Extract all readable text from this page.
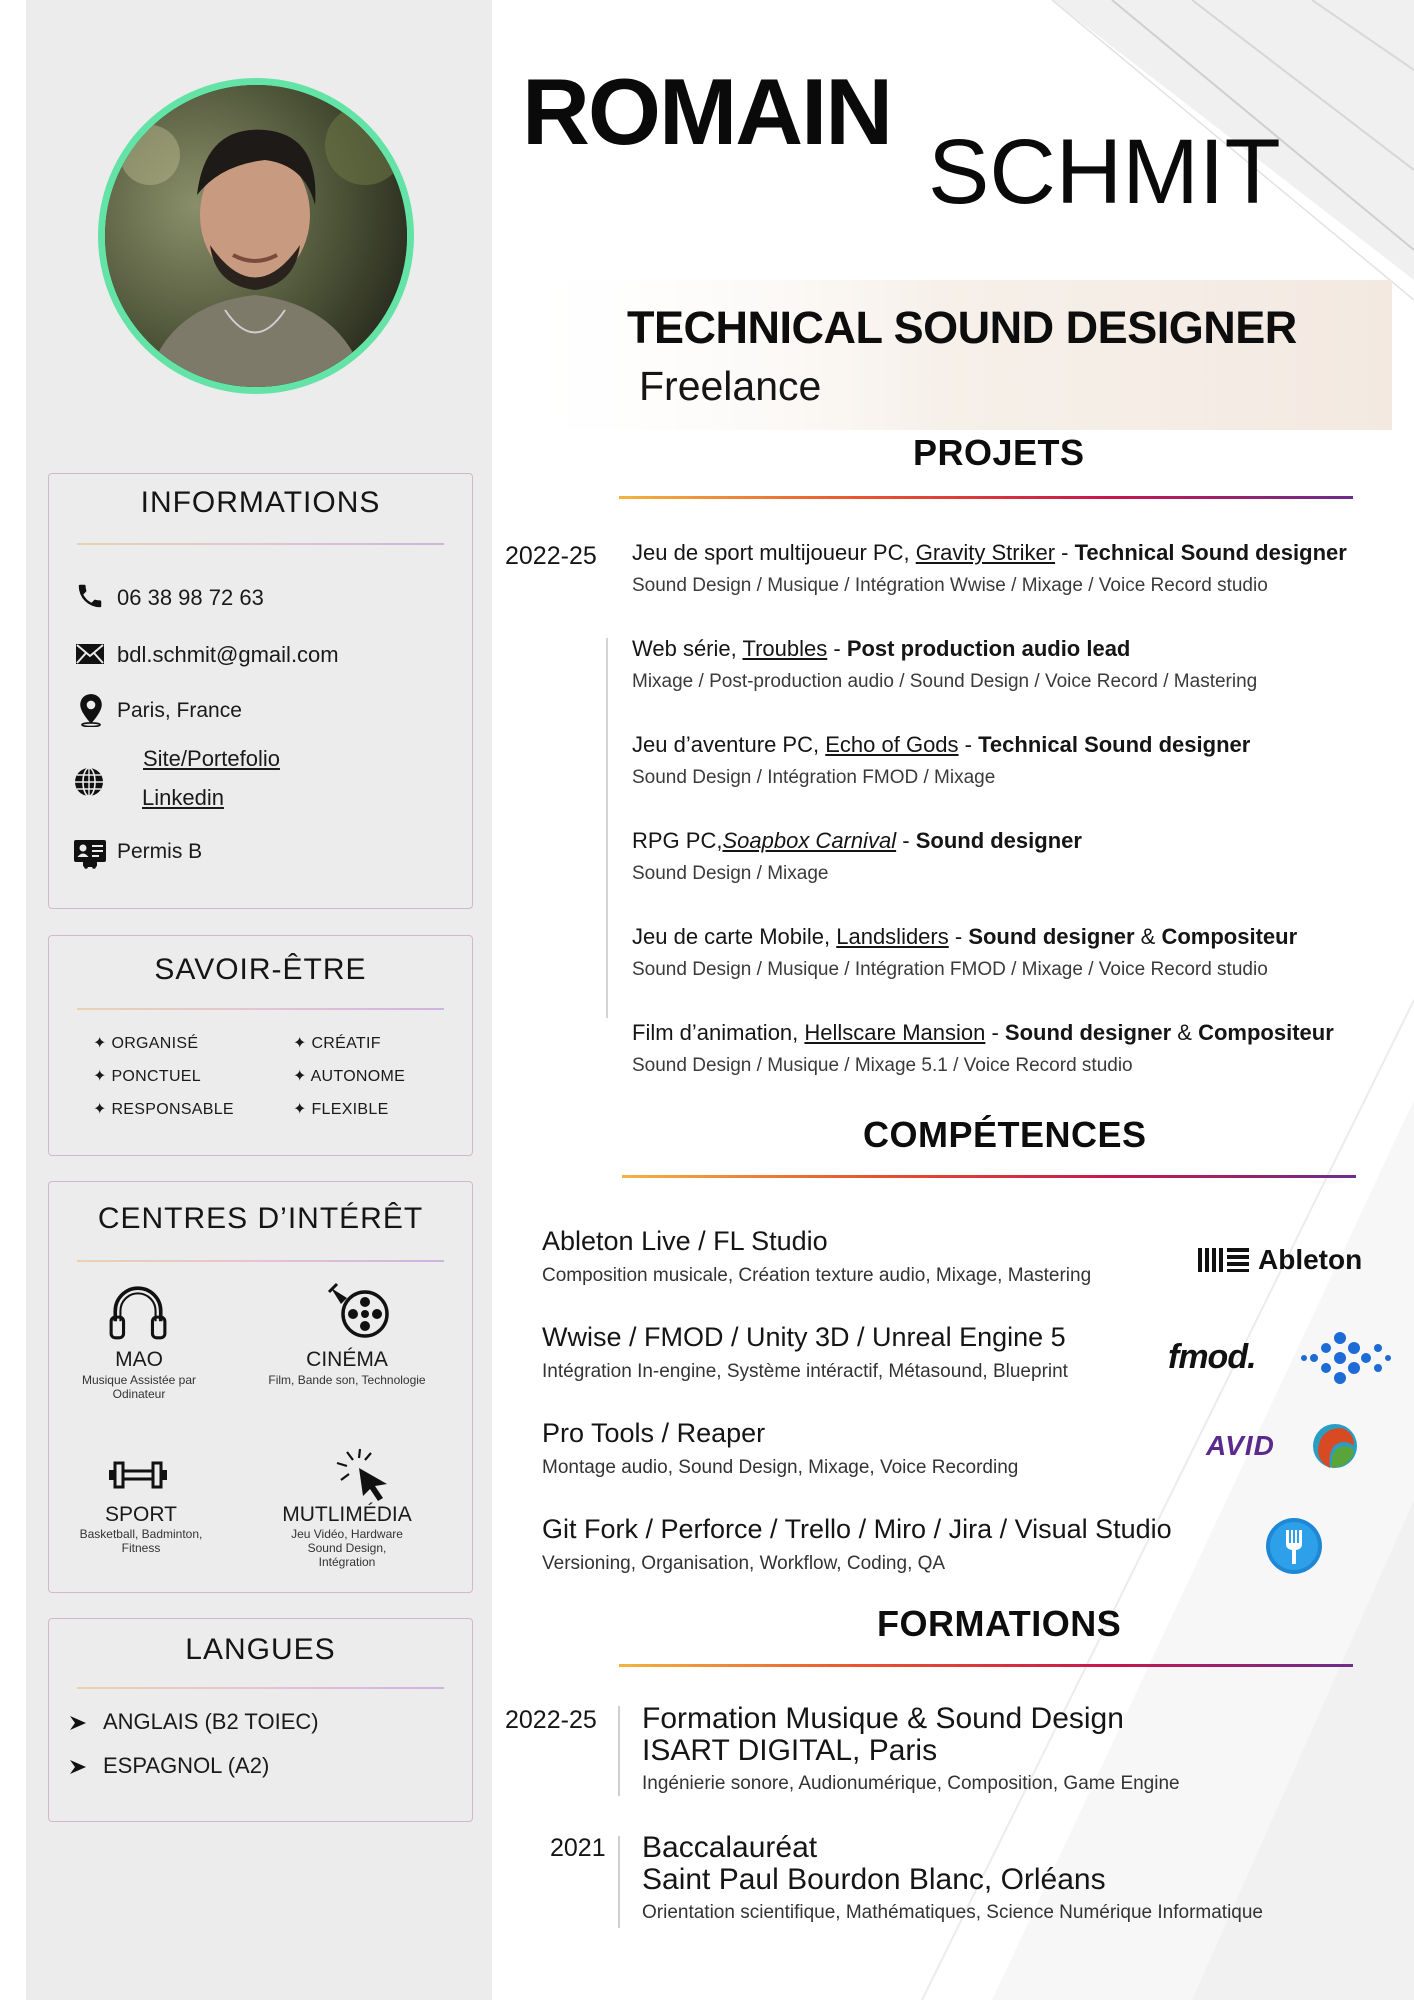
INFORMATIONS
06 38 98 72 63
bdl.schmit@gmail.com
Paris, France
Site/Portefolio
Linkedin
Permis B
SAVOIR-ÊTRE
✦ ORGANISÉ	✦ CRÉATIF
✦ PONCTUEL	✦ AUTONOME
✦ RESPONSABLE	✦ FLEXIBLE
CENTRES D’INTÉRÊT
MAO
Musique Assistée par
Odinateur
CINÉMA
Film, Bande son, Technologie
SPORT
Basketball, Badminton,
Fitness
MUTLIMÉDIA
Jeu Vidéo, Hardware
Sound Design,
Intégration
LANGUES
ANGLAIS (B2 TOIEC)
ESPAGNOL (A2)
ROMAIN
SCHMIT
TECHNICAL SOUND DESIGNER
Freelance
PROJETS
2022-25 Jeu de sport multijoueur PC, Gravity Striker - Technical Sound designer
Sound Design / Musique / Intégration Wwise / Mixage / Voice Record studio
Web série, Troubles - Post production audio lead
Mixage / Post-production audio / Sound Design / Voice Record / Mastering
Jeu d’aventure PC, Echo of Gods - Technical Sound designer
Sound Design / Intégration FMOD / Mixage
RPG PC,Soapbox Carnival - Sound designer
Sound Design / Mixage
Jeu de carte Mobile, Landsliders - Sound designer & Compositeur
Sound Design / Musique / Intégration FMOD / Mixage / Voice Record studio
Film d’animation, Hellscare Mansion - Sound designer & Compositeur
Sound Design / Musique / Mixage 5.1 / Voice Record studio
COMPÉTENCES
Ableton Live / FL Studio
Composition musicale, Création texture audio, Mixage, Mastering
Ableton
Wwise / FMOD / Unity 3D / Unreal Engine 5
Intégration In-engine, Système intéractif, Métasound, Blueprint	fmod.
Pro Tools / Reaper
Montage audio, Sound Design, Mixage, Voice Recording
AVID
Git Fork / Perforce / Trello / Miro / Jira / Visual Studio
Versioning, Organisation, Workflow, Coding, QA
FORMATIONS
2022-25 Formation Musique & Sound Design
ISART DIGITAL, Paris
Ingénierie sonore, Audionumérique, Composition, Game Engine
2021 Baccalauréat
Saint Paul Bourdon Blanc, Orléans
Orientation scientifique, Mathématiques, Science Numérique Informatique
